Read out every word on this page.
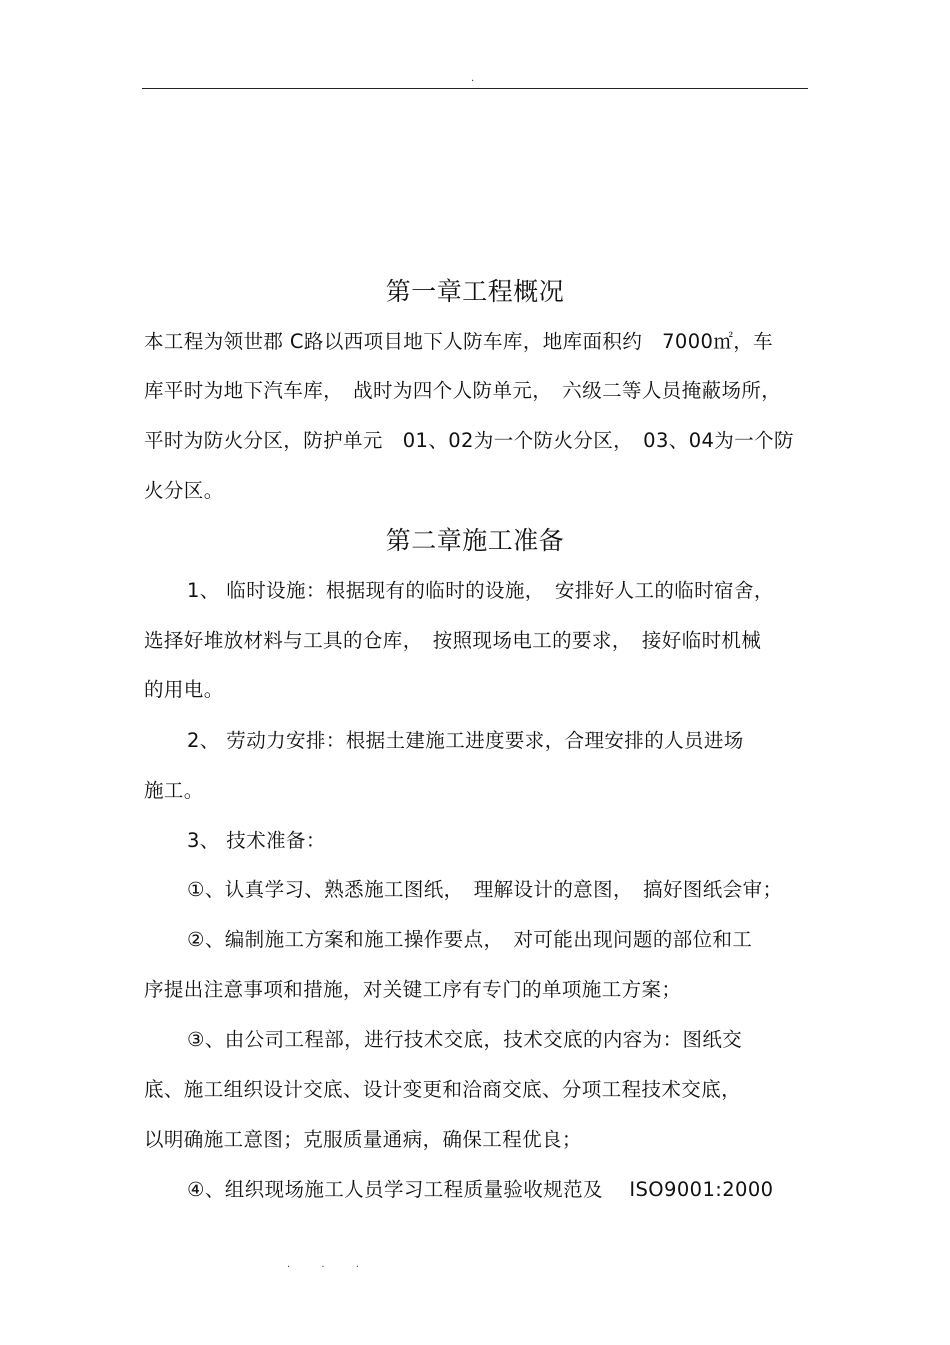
.
第一章工程概况
本工程为领世郡 C路以西项目地下人防车库，地库面积约　7000㎡，车
库平时为地下汽车库，　战时为四个人防单元，　六级二等人员掩蔽场所，
平时为防火分区，防护单元　01、02为一个防火分区，　03、04为一个防
火分区。
第二章施工准备
1、 临时设施：根据现有的临时的设施，　安排好人工的临时宿舍，
选择好堆放材料与工具的仓库，　按照现场电工的要求，　接好临时机械
的用电。
2、 劳动力安排：根据土建施工进度要求，合理安排的人员进场
施工。
3、 技术准备：
①、认真学习、熟悉施工图纸，　理解设计的意图，　搞好图纸会审；
②、编制施工方案和施工操作要点，　对可能出现问题的部位和工
序提出注意事项和措施，对关键工序有专门的单项施工方案；
③、由公司工程部，进行技术交底，技术交底的内容为：图纸交
底、施工组织设计交底、设计变更和洽商交底、分项工程技术交底，
以明确施工意图；克服质量通病，确保工程优良；
④、组织现场施工人员学习工程质量验收规范及　 ISO9001:2000
. . .
